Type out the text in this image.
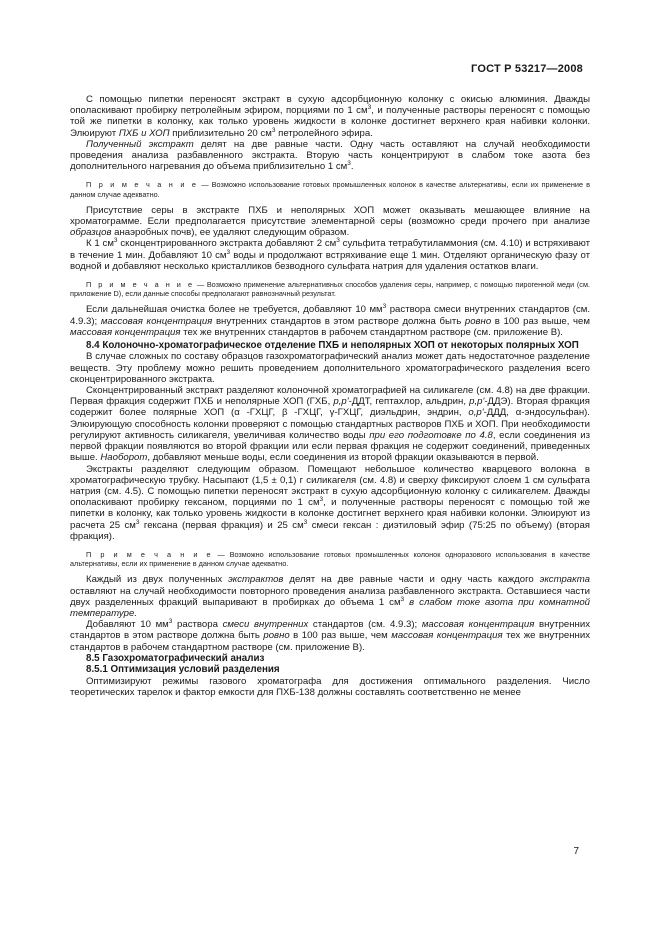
ГОСТ Р 53217—2008

С помощью пипетки переносят экстракт в сухую адсорбционную колонку с окисью алюминия. Дважды ополаскивают пробирку петролейным эфиром, порциями по 1 $см^3$, и полученные растворы переносят с помощью той же пипетки в колонку, как только уровень жидкости в колонке достигнет верхнего края набивки колонки. Элюируют ПХБ и ХОП приблизительно 20 $см^3$ петролейного эфира.

Полученный экстракт делят на две равные части. Одну часть оставляют на случай необходимости проведения анализа разбавленного экстракта. Вторую часть концентрируют в слабом токе азота без дополнительного нагревания до объема приблизительно 1 $см^3$.

П р и м е ч а н и е — Возможно использование готовых промышленных колонок в качестве альтернативы, если их применение в данном случае адекватно.

Присутствие серы в экстракте ПХБ и неполярных ХОП может оказывать мешающее влияние на хроматограмме. Если предполагается присутствие элементарной серы (возможно среди прочего при анализе образцов анаэробных почв), ее удаляют следующим образом.

К 1 $см^3$ сконцентрированного экстракта добавляют 2 $см^3$ сульфита тетрабутиламмония (см. 4.10) и встряхивают в течение 1 мин. Добавляют 10 $см^3$ воды и продолжают встряхивание еще 1 мин. Отделяют органическую фазу от водной и добавляют несколько кристалликов безводного сульфата натрия для удаления остатков влаги.

П р и м е ч а н и е — Возможно применение альтернативных способов удаления серы, например, с помощью пирогенной меди (см. приложение D), если данные способы предполагают равнозначный результат.

Если дальнейшая очистка более не требуется, добавляют 10 $мм^3$ раствора смеси внутренних стандартов (см. 4.9.3); массовая концентрация внутренних стандартов в этом растворе должна быть ровно в 100 раз выше, чем массовая концентрация тех же внутренних стандартов в рабочем стандартном растворе (см. приложение В).

8.4 Колоночно-хроматографическое отделение ПХБ и неполярных ХОП от некоторых полярных ХОП

В случае сложных по составу образцов газохроматографический анализ может дать недостаточное разделение веществ. Эту проблему можно решить проведением дополнительного хроматографического разделения всего сконцентрированного экстракта.

Сконцентрированный экстракт разделяют колоночной хроматографией на силикагеле (см. 4.8) на две фракции. Первая фракция содержит ПХБ и неполярные ХОП (ГХБ, p,p'-ДДТ, гептахлор, альдрин, p,p'-ДДЭ). Вторая фракция содержит более полярные ХОП (α -ГХЦГ, β -ГХЦГ, γ-ГХЦГ, диэльдрин, эндрин, o,p'-ДДД, α-эндосульфан). Элюирующую способность колонки проверяют с помощью стандартных растворов ПХБ и ХОП. При необходимости регулируют активность силикагеля, увеличивая количество воды при его подготовке по 4.8, если соединения из первой фракции появляются во второй фракции или если первая фракция не содержит соединений, приведенных выше. Наоборот, добавляют меньше воды, если соединения из второй фракции оказываются в первой.

Экстракты разделяют следующим образом. Помещают небольшое количество кварцевого волокна в хроматографическую трубку. Насыпают (1,5 ± 0,1) г силикагеля (см. 4.8) и сверху фиксируют слоем 1 см сульфата натрия (см. 4.5). С помощью пипетки переносят экстракт в сухую адсорбционную колонку с силикагелем. Дважды ополаскивают пробирку гексаном, порциями по 1 $см^3$, и полученные растворы переносят с помощью той же пипетки в колонку, как только уровень жидкости в колонке достигнет верхнего края набивки колонки. Элюируют из расчета 25 $см^3$ гексана (первая фракция) и 25 $см^3$ смеси гексан : диэтиловый эфир (75:25 по объему) (вторая фракция).

П р и м е ч а н и е — Возможно использование готовых промышленных колонок одноразового использования в качестве альтернативы, если их применение в данном случае адекватно.

Каждый из двух полученных экстрактов делят на две равные части и одну часть каждого экстракта оставляют на случай необходимости повторного проведения анализа разбавленного экстракта. Оставшиеся части двух разделенных фракций выпаривают в пробирках до объема 1 $см^3$ в слабом токе азота при комнатной температуре.

Добавляют 10 $мм^3$ раствора смеси внутренних стандартов (см. 4.9.3); массовая концентрация внутренних стандартов в этом растворе должна быть ровно в 100 раз выше, чем массовая концентрация тех же внутренних стандартов в рабочем стандартном растворе (см. приложение В).

8.5 Газохроматографический анализ

8.5.1 Оптимизация условий разделения

Оптимизируют режимы газового хроматографа для достижения оптимального разделения. Число теоретических тарелок и фактор емкости для ПХБ-138 должны составлять соответственно не менее

7
